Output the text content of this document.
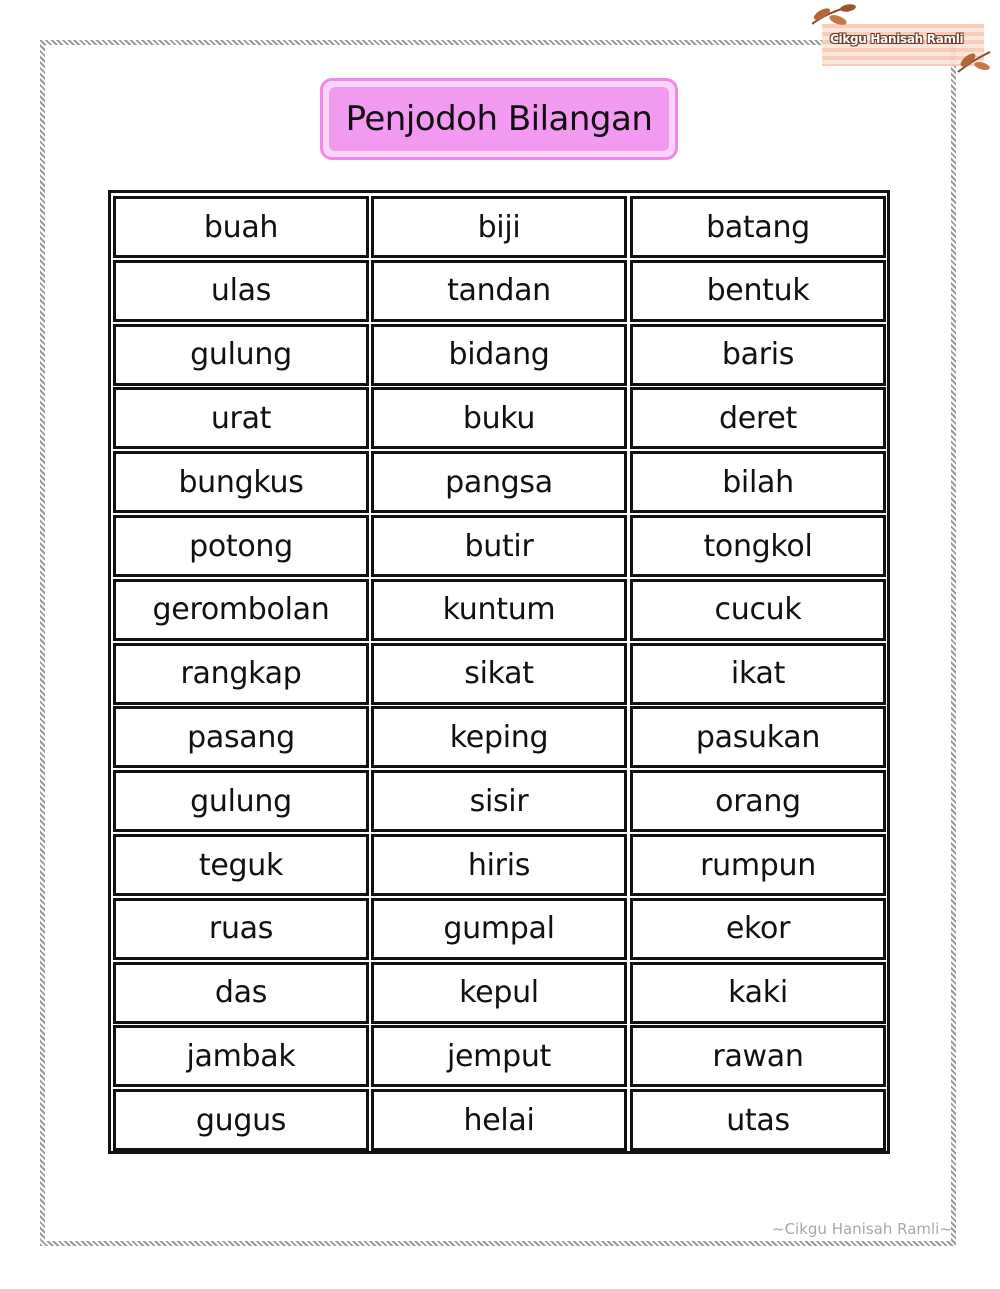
Cikgu Hanisah Ramli
Penjodoh Bilangan
buah	biji	batang
ulas	tandan	bentuk
gulung	bidang	baris
urat	buku	deret
bungkus	pangsa	bilah
potong	butir	tongkol
gerombolan	kuntum	cucuk
rangkap	sikat	ikat
pasang	keping	pasukan
gulung	sisir	orang
teguk	hiris	rumpun
ruas	gumpal	ekor
das	kepul	kaki
jambak	jemput	rawan
gugus	helai	utas
~Cikgu Hanisah Ramli~
